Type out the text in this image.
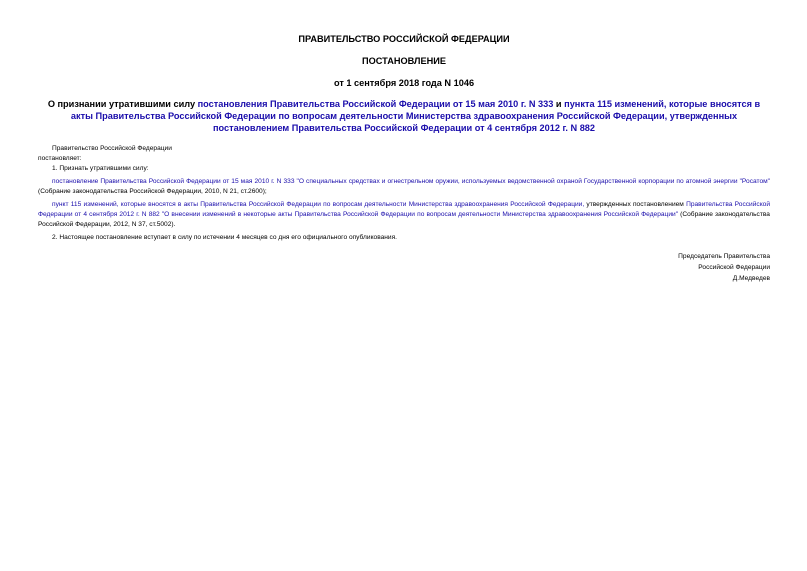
ПРАВИТЕЛЬСТВО РОССИЙСКОЙ ФЕДЕРАЦИИ
ПОСТАНОВЛЕНИЕ
от 1 сентября 2018 года N 1046
О признании утратившими силу постановления Правительства Российской Федерации от 15 мая 2010 г. N 333 и пункта 115 изменений, которые вносятся в акты Правительства Российской Федерации по вопросам деятельности Министерства здравоохранения Российской Федерации, утвержденных постановлением Правительства Российской Федерации от 4 сентября 2012 г. N 882

Правительство Российской Федерации

постановляет:

1. Признать утратившими силу:

постановление Правительства Российской Федерации от 15 мая 2010 г. N 333 "О специальных средствах и огнестрельном оружии, используемых ведомственной охраной Государственной корпорации по атомной энергии "Росатом" (Собрание законодательства Российской Федерации, 2010, N 21, ст.2600);

пункт 115 изменений, которые вносятся в акты Правительства Российской Федерации по вопросам деятельности Министерства здравоохранения Российской Федерации, утвержденных постановлением Правительства Российской Федерации от 4 сентября 2012 г. N 882 "О внесении изменений в некоторые акты Правительства Российской Федерации по вопросам деятельности Министерства здравоохранения Российской Федерации" (Собрание законодательства Российской Федерации, 2012, N 37, ст.5002).

2. Настоящее постановление вступает в силу по истечении 4 месяцев со дня его официального опубликования.

Председатель Правительства
Российской Федерации
Д.Медведев
